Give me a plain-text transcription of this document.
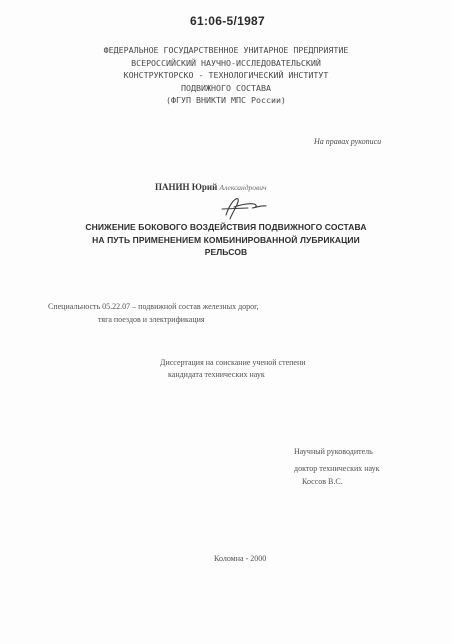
61:06-5/1987
ФЕДЕРАЛЬНОЕ ГОСУДАРСТВЕННОЕ УНИТАРНОЕ ПРЕДПРИЯТИЕ
ВСЕРОССИЙСКИЙ НАУЧНО-ИССЛЕДОВАТЕЛЬСКИЙ
КОНСТРУКТОРСКО - ТЕХНОЛОГИЧЕСКИЙ ИНСТИТУТ
ПОДВИЖНОГО СОСТАВА
(ФГУП ВНИКТИ МПС России)
На правах рукописи
ПАНИН Юрий Александрович
СНИЖЕНИЕ БОКОВОГО ВОЗДЕЙСТВИЯ ПОДВИЖНОГО СОСТАВА
НА ПУТЬ ПРИМЕНЕНИЕМ КОМБИНИРОВАННОЙ ЛУБРИКАЦИИ
РЕЛЬСОВ
Специальность 05.22.07 – подвижной состав железных дорог,
тяга поездов и электрификация
Диссертация на соискание ученой степени
кандидата технических наук
Научный руководитель
доктор технических наук
Коссов В.С.
Коломна - 2000
